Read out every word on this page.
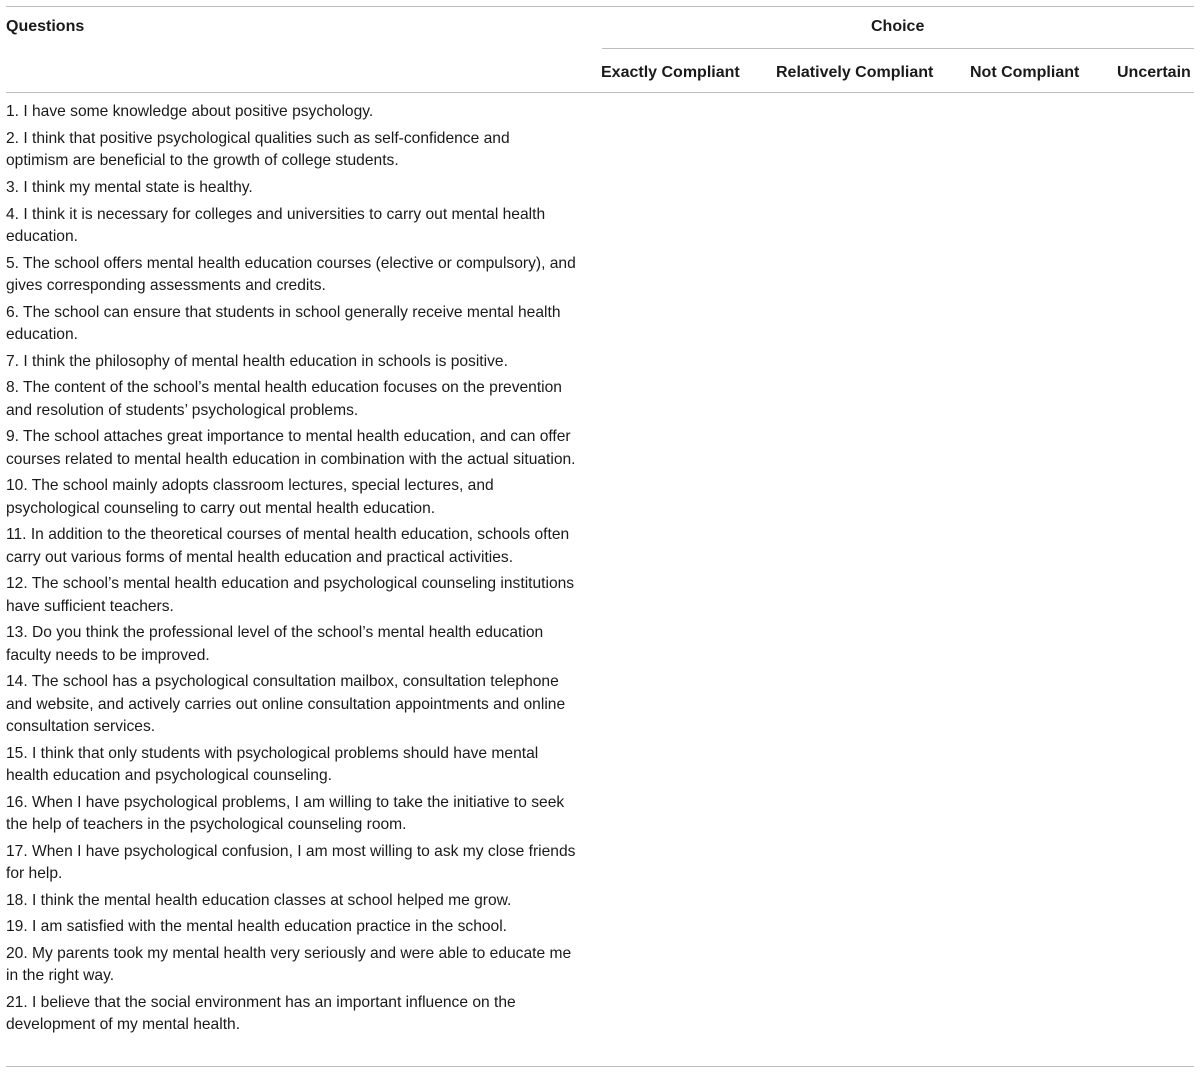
Questions	Choice
Exactly Compliant Relatively Compliant Not Compliant Uncertain
1. I have some knowledge about positive psychology.
2. I think that positive psychological qualities such as self-confidence and optimism are beneficial to the growth of college students.
3. I think my mental state is healthy.
4. I think it is necessary for colleges and universities to carry out mental health education.
5. The school offers mental health education courses (elective or compulsory), and gives corresponding assessments and credits.
6. The school can ensure that students in school generally receive mental health education.
7. I think the philosophy of mental health education in schools is positive.
8. The content of the school’s mental health education focuses on the prevention and resolution of students’ psychological problems.
9. The school attaches great importance to mental health education, and can offer courses related to mental health education in combination with the actual situation.
10. The school mainly adopts classroom lectures, special lectures, and psychological counseling to carry out mental health education.
11. In addition to the theoretical courses of mental health education, schools often carry out various forms of mental health education and practical activities.
12. The school’s mental health education and psychological counseling institutions have sufficient teachers.
13. Do you think the professional level of the school’s mental health education faculty needs to be improved.
14. The school has a psychological consultation mailbox, consultation telephone and website, and actively carries out online consultation appointments and online consultation services.
15. I think that only students with psychological problems should have mental health education and psychological counseling.
16. When I have psychological problems, I am willing to take the initiative to seek the help of teachers in the psychological counseling room.
17. When I have psychological confusion, I am most willing to ask my close friends for help.
18. I think the mental health education classes at school helped me grow.
19. I am satisfied with the mental health education practice in the school.
20. My parents took my mental health very seriously and were able to educate me in the right way.
21. I believe that the social environment has an important influence on the development of my mental health.
